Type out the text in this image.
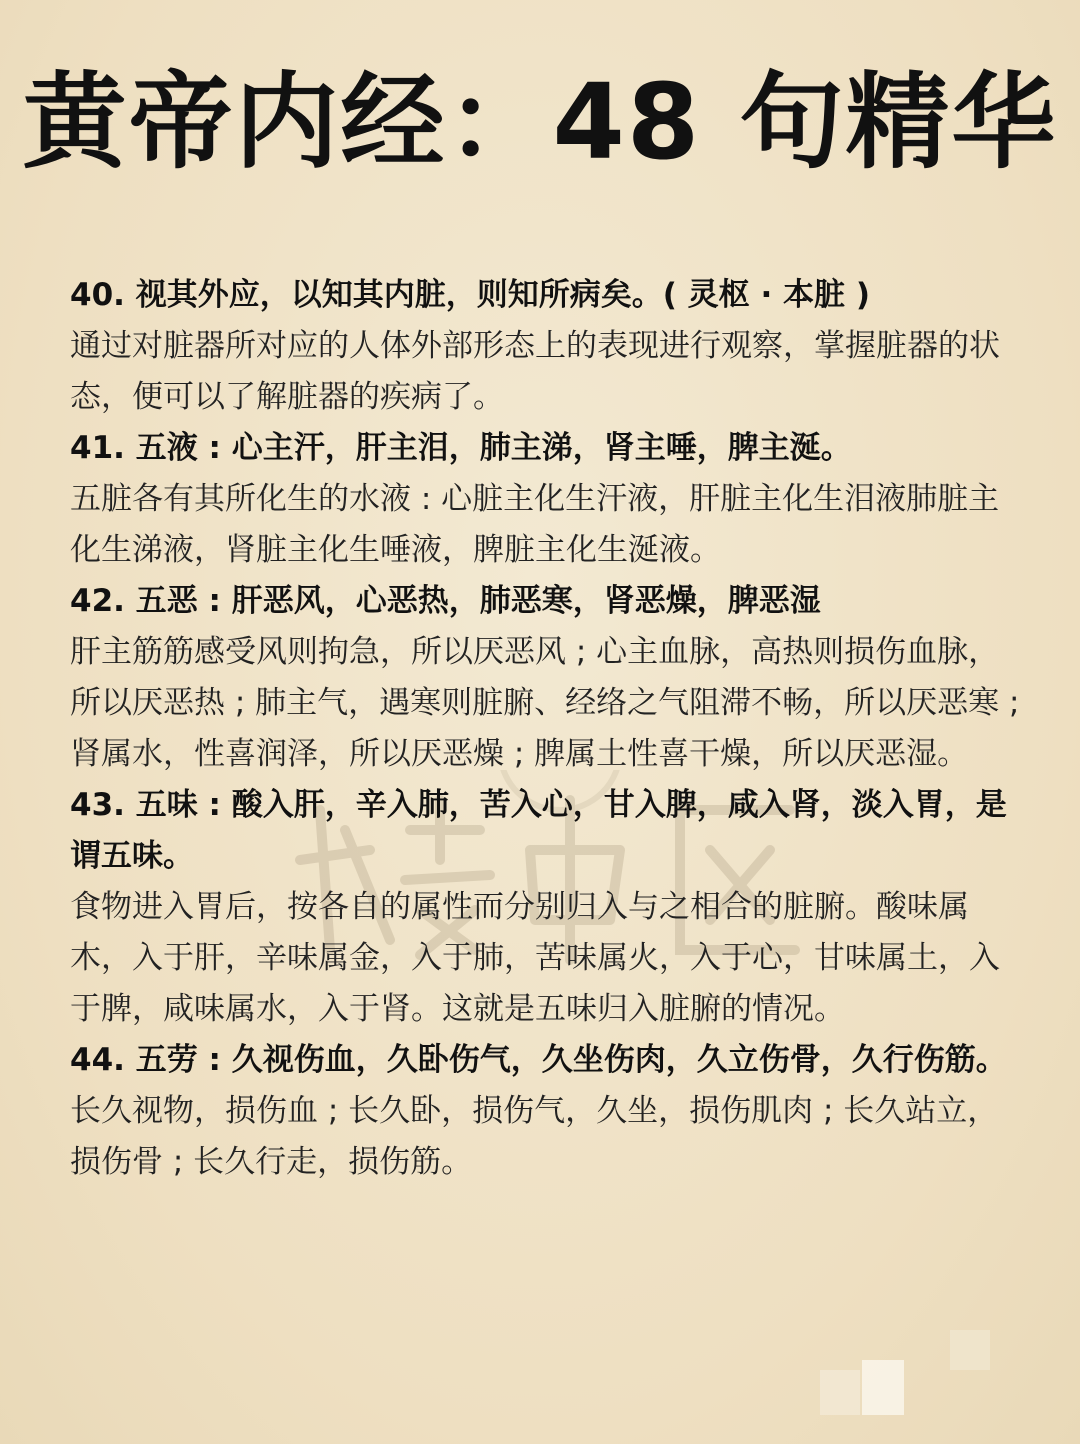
黄帝内经：48 句精华
40. 视其外应，以知其内脏，则知所病矣。( 灵枢 · 本脏 )
通过对脏器所对应的人体外部形态上的表现进行观察，掌握脏器的状态，便可以了解脏器的疾病了。
41. 五液 : 心主汗，肝主泪，肺主涕，肾主唾，脾主涎。
五脏各有其所化生的水液 : 心脏主化生汗液，肝脏主化生泪液肺脏主化生涕液，肾脏主化生唾液，脾脏主化生涎液。
42. 五恶 : 肝恶风，心恶热，肺恶寒，肾恶燥，脾恶湿
肝主筋筋感受风则拘急，所以厌恶风 ; 心主血脉，高热则损伤血脉，所以厌恶热 ; 肺主气，遇寒则脏腑、经络之气阻滞不畅，所以厌恶寒 ; 肾属水，性喜润泽，所以厌恶燥 ; 脾属土性喜干燥，所以厌恶湿。
43. 五味 : 酸入肝，辛入肺，苦入心，甘入脾，咸入肾，淡入胃，是谓五味。
食物进入胃后，按各自的属性而分别归入与之相合的脏腑。酸味属木，入于肝，辛味属金，入于肺，苦味属火，入于心，甘味属土，入于脾，咸味属水，入于肾。这就是五味归入脏腑的情况。
44. 五劳 : 久视伤血，久卧伤气，久坐伤肉，久立伤骨，久行伤筋。
长久视物，损伤血 ; 长久卧，损伤气，久坐，损伤肌肉 ; 长久站立，损伤骨 ; 长久行走，损伤筋。
